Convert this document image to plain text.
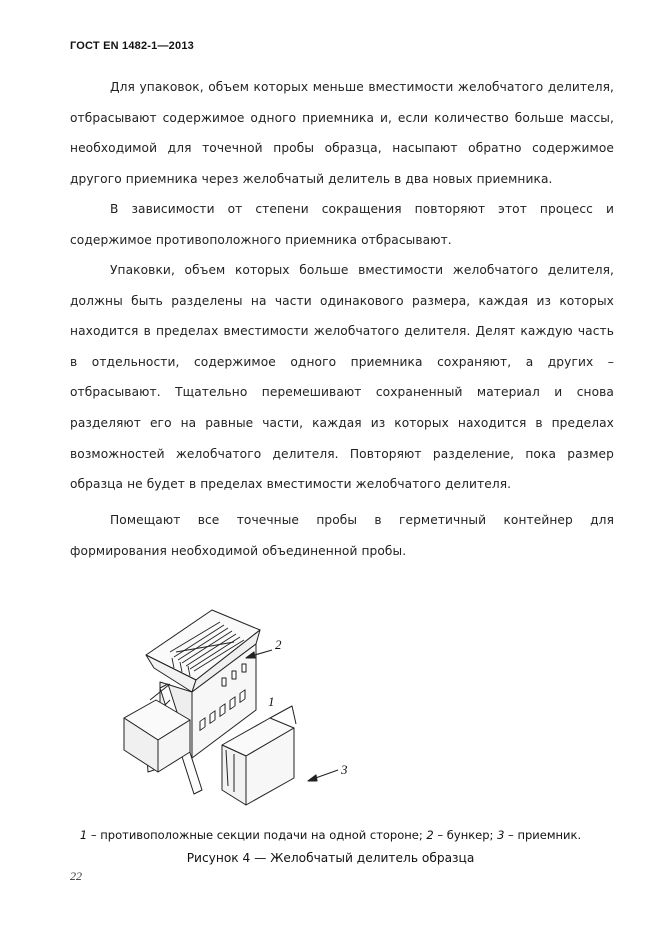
ГОСТ EN 1482-1—2013
Для упаковок, объем которых меньше вместимости желобчатого делителя, отбрасывают содержимое одного приемника и, если количество больше массы, необходимой для точечной пробы образца, насыпают обратно содержимое другого приемника через желобчатый делитель в два новых приемника.
В зависимости от степени сокращения повторяют этот процесс и содержимое противоположного приемника отбрасывают.
Упаковки, объем которых больше вместимости желобчатого делителя, должны быть разделены на части одинакового размера, каждая из которых находится в пределах вместимости желобчатого делителя. Делят каждую часть в отдельности, содержимое одного приемника сохраняют, а других – отбрасывают. Тщательно перемешивают сохраненный материал и снова разделяют его на равные части, каждая из которых находится в пределах возможностей желобчатого делителя. Повторяют разделение, пока размер образца не будет в пределах вместимости желобчатого делителя.
Помещают все точечные пробы в герметичный контейнер для формирования необходимой объединенной пробы.
2
1
3
1 – противоположные секции подачи на одной стороне; 2 – бункер; 3 – приемник.
Рисунок 4 — Желобчатый делитель образца
22
